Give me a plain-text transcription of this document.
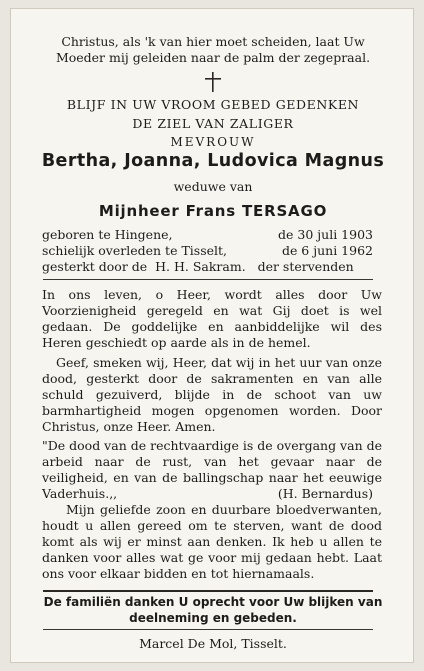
Christus, als 'k van hier moet scheiden, laat Uw Moeder mij geleiden naar de palm der zegepraal.
BLIJF IN UW VROOM GEBED GEDENKEN
DE ZIEL VAN ZALIGER
MEVROUW
Bertha, Joanna, Ludovica Magnus
weduwe van
Mijnheer Frans TERSAGO
geboren te Hingene,	de 30 juli 1903
schielijk overleden te Tisselt,	de 6 juni 1962
gesterkt door de  H. H. Sakram.   der stervenden
In ons leven, o Heer, wordt alles door Uw Voorzienigheid geregeld en wat Gij doet is wel gedaan. De goddelijke en aanbiddelijke wil des Heren geschiedt op aarde als in de hemel.
Geef, smeken wij, Heer, dat wij in het uur van onze dood, gesterkt door de sakramenten en van alle schuld gezuiverd, blijde in de schoot van uw barmhartigheid mogen opgenomen worden. Door Christus, onze Heer. Amen.
"De dood van de rechtvaardige is de overgang van de arbeid naar de rust, van het gevaar naar de veiligheid, en van de ballingschap naar het eeuwige Vaderhuis.,,	(H. Bernardus)
Mijn geliefde zoon en duurbare bloedverwanten, houdt u allen gereed om te sterven, want de dood komt als wij er minst aan denken. Ik heb u allen te danken voor alles wat ge voor mij gedaan hebt. Laat ons voor elkaar bidden en tot hiernamaals.
De familiën danken U oprecht voor Uw blijken van deelneming en gebeden.
Marcel De Mol, Tisselt.
